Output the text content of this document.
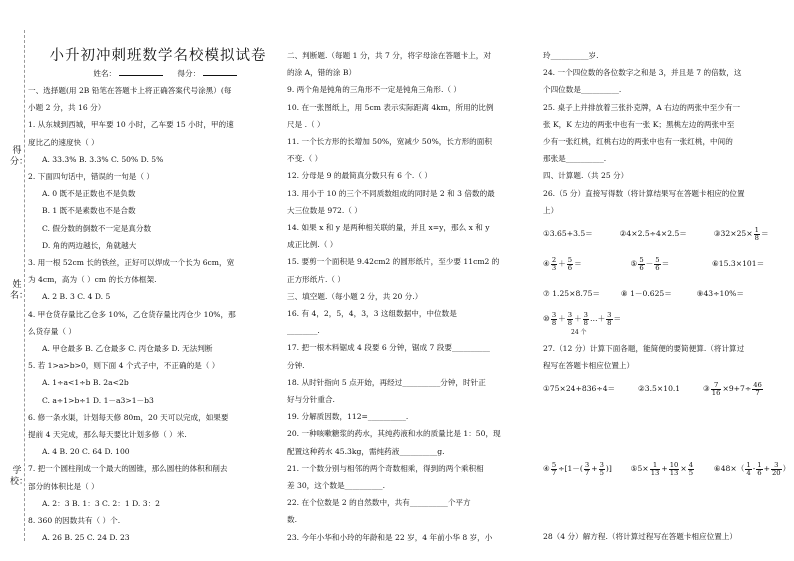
得分：
姓名：
学校：
小升初冲刺班数学名校模拟试卷
姓名：	得分：
一、选择题(用 2B 铅笔在答题卡上将正确答案代号涂黑）(每
小题 2 分，共 16 分）
1. 从东城到西城，甲车要 10 小时，乙车要 15 小时，甲的速
度比乙的速度快（ ）
A. 33.3% B. 3.3% C. 50% D. 5%
2. 下面四句话中，错误的一句是（ ）
A. 0 既不是正数也不是负数
B. 1 既不是素数也不是合数
C. 假分数的倒数不一定是真分数
D. 角的两边越长，角就越大
3. 用一根 52cm 长的铁丝，正好可以焊成一个长为 6cm，宽
为 4cm，高为（ ）cm 的长方体框架.
A. 2 B. 3 C. 4 D. 5
4. 甲仓货存量比乙仓多 10%，乙仓货存量比丙仓少 10%，那
么货存量（ ）
A. 甲仓最多 B. 乙仓最多 C. 丙仓最多 D. 无法判断
5. 若 1>a>b>0，则下面 4 个式子中，不正确的是（ ）
A. 1÷a<1÷b B. 2a<2b
C. a÷1>b÷1 D. 1－a3>1－b3
6. 修一条水渠，计划每天修 80m，20 天可以完成，如果要
提前 4 天完成，那么每天要比计划多修（ ）米.
A. 4 B. 20 C. 64 D. 100
7. 把一个圆柱削成一个最大的圆锥，那么圆柱的体积和削去
部分的体积比是（ ）
A. 2：3 B. 1：3 C. 2：1 D. 3：2
8. 360 的因数共有（ ）个.
A. 26 B. 25 C. 24 D. 23
二、判断题.（每题 1 分，共 7 分，将字母涂在答题卡上，对
的涂 A，错的涂 B）
9. 两个角是钝角的三角形不一定是钝角三角形.（ ）
10. 在一张图纸上，用 5cm 表示实际距离 4km，所用的比例
尺是 .（ ）
11. 一个长方形的长增加 50%，宽减少 50%，长方形的面积
不变.（ ）
12. 分母是 9 的最简真分数只有 6 个.（ ）
13. 用小于 10 的三个不同质数组成的同时是 2 和 3 倍数的最
大三位数是 972.（ ）
14. 如果 x 和 y 是两种相关联的量，并且 x=y，那么 x 和 y
成正比例.（ ）
15. 要剪一个面积是 9.42cm2 的圆形纸片，至少要 11cm2 的
正方形纸片.（ ）
三、填空题.（每小题 2 分，共 20 分.）
16. 有 4，2，5，4，3，3 这组数据中，中位数是
________.
17. 把一根木料锯成 4 段要 6 分钟，锯成 7 段要__________
分钟.
18. 从时针指向 5 点开始，再经过__________分钟，时针正
好与分针重合.
19. 分解质因数，112=__________.
20. 一种咳嗽糖浆的药水，其纯药液和水的质量比是 1：50，现
配置这种药水 45.3kg，需纯药液__________g.
21. 一个数分别与相邻的两个奇数相乘，得到的两个乘积相
差 30，这个数是__________.
22. 在个位数是 2 的自然数中，共有__________个平方
数.
23. 今年小华和小玲的年龄和是 22 岁，4 年前小华 8 岁，小
玲__________岁.
24. 一个四位数的各位数字之和是 3，并且是 7 的倍数，这
个四位数是__________.
25. 桌子上并排放着三张扑克牌，A 右边的两张中至少有一
张 K，K 左边的两张中也有一张 K；黑桃左边的两张中至
少有一张红桃，红桃右边的两张中也有一张红桃，中间的
那张是__________.
四、计算题.（共 25 分）
26.（5 分）直接写得数（将计算结果写在答题卡相应的位置
上）
①3.65+3.5＝	②4×2.5÷4×2.5＝	③32×25× $\frac{1}{8}$ ＝
④ $\frac{2}{3} + \frac{5}{6}$ ＝	⑤ $\frac{5}{6} - \frac{5}{6}$ ＝	⑥15.3×101＝
⑦ 1.25×8.75＝	⑧ 1－0.625＝	⑨43÷10%＝
⑩ $\frac{3}{8} + \frac{3}{8} + \frac{3}{8}$ …＋ $\frac{3}{8}$ ＝
24 个
27.（12 分）计算下面各题，能简便的要简便算.（将计算过
程写在答题卡相应位置上）
①75×24+836÷4＝	②3.5×10.1	③ $\frac{7}{16} \times 9+7\div \frac{46}{7}$
④ $\frac{5}{7} \div[1-( \frac{3}{7} + \frac{3}{5}$ )] ⑤5× $\frac{1}{13} + \frac{10}{13} \times \frac{4}{5}$	⑥48×（ $\frac{1}{4} - \frac{1}{6} + \frac{3}{20}$ ）
28（4 分）解方程.（将计算过程写在答题卡相应位置上）
